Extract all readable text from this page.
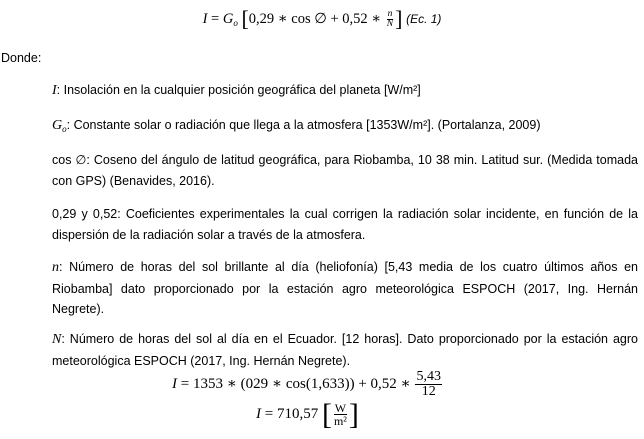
$I = G_o$ [0,29 ∗ cos ∅ + 0,52 ∗ $\frac{n}{N}$ ] (Ec. 1)
Donde:
I: Insolación en la cualquier posición geográfica del planeta [W/m²]
$G_o$: Constante solar o radiación que llega a la atmosfera [1353W/m²]. (Portalanza, 2009)
cos ∅: Coseno del ángulo de latitud geográfica, para Riobamba, 10 38 min. Latitud sur. (Medida tomada con GPS) (Benavides, 2016).
0,29 y 0,52: Coeficientes experimentales la cual corrigen la radiación solar incidente, en función de la dispersión de la radiación solar a través de la atmosfera.
n: Número de horas del sol brillante al día (heliofonía) [5,43 media de los cuatro últimos años en Riobamba] dato proporcionado por la estación agro meteorológica ESPOCH (2017, Ing. Hernán Negrete).
N: Número de horas del sol al día en el Ecuador. [12 horas]. Dato proporcionado por la estación agro meteorológica ESPOCH (2017, Ing. Hernán Negrete).
I = 1353 ∗ (029 ∗ cos(1,633)) + 0,52 ∗ $\frac{5,43}{12}$
I = 710,57 [ $\frac{W}{\text{m²}}$ ]
